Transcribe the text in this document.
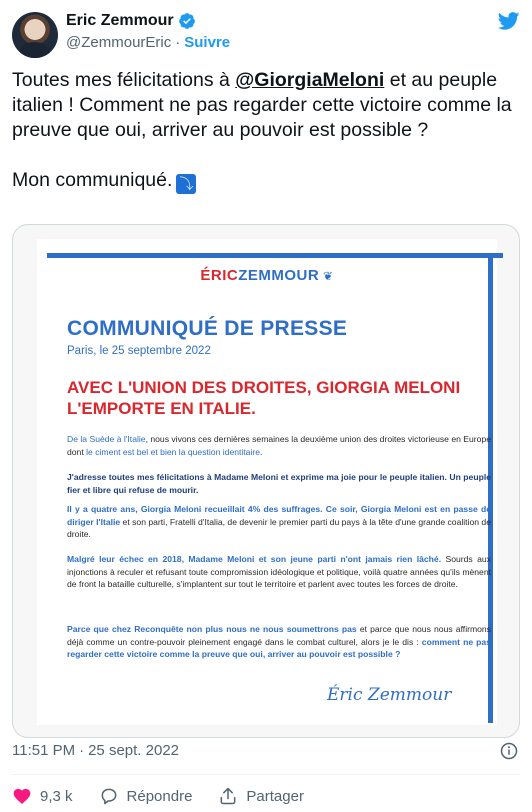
Eric Zemmour
@ZemmourEric · Suivre

Toutes mes félicitations à @GiorgiaMeloni et au peuple italien ! Comment ne pas regarder cette victoire comme la preuve que oui, arriver au pouvoir est possible ?

Mon communiqué. ⤵

ÉRICZEMMOUR ❦
COMMUNIQUÉ DE PRESSE
Paris, le 25 septembre 2022
AVEC L'UNION DES DROITES, GIORGIA MELONI L'EMPORTE EN ITALIE.
De la Suède à l'Italie, nous vivons ces dernières semaines la deuxième union des droites victorieuse en Europe dont le ciment est bel et bien la question identitaire.
J'adresse toutes mes félicitations à Madame Meloni et exprime ma joie pour le peuple italien. Un peuple fier et libre qui refuse de mourir.
Il y a quatre ans, Giorgia Meloni recueillait 4% des suffrages. Ce soir, Giorgia Meloni est en passe de diriger l'Italie et son parti, Fratelli d'Italia, de devenir le premier parti du pays à la tête d'une grande coalition de droite.
Malgré leur échec en 2018, Madame Meloni et son jeune parti n'ont jamais rien lâché. Sourds aux injonctions à reculer et refusant toute compromission idéologique et politique, voilà quatre années qu'ils mènent de front la bataille culturelle, s'implantent sur tout le territoire et parlent avec toutes les forces de droite.
Parce que chez Reconquête non plus nous ne nous soumettrons pas et parce que nous nous affirmons déjà comme un contre-pouvoir pleinement engagé dans le combat culturel, alors je le dis : comment ne pas regarder cette victoire comme la preuve que oui, arriver au pouvoir est possible ?
Éric Zemmour
11:51 PM · 25 sept. 2022
9,3 k	Répondre	Partager
